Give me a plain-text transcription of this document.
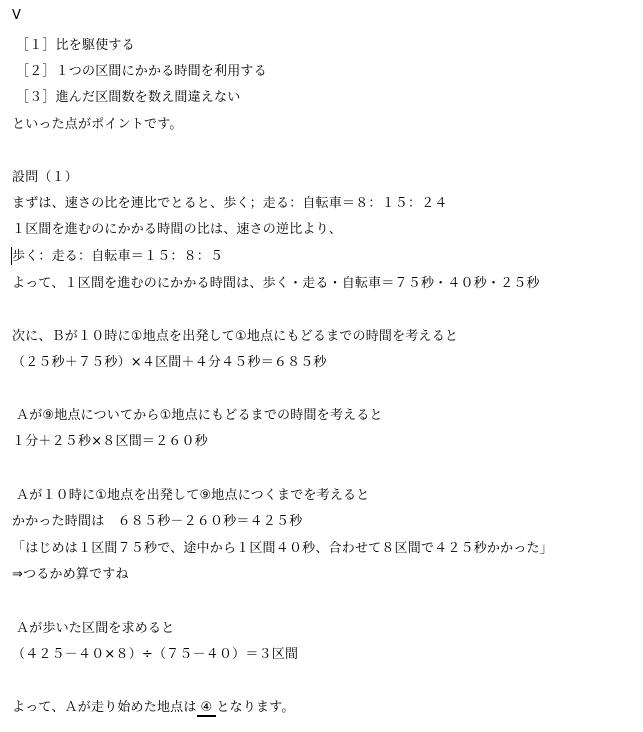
V
［１］比を駆使する
［２］１つの区間にかかる時間を利用する
［３］進んだ区間数を数え間違えない
といった点がポイントです。
設問（１）
まずは、速さの比を連比でとると、歩く；走る：自転車＝８：１５：２４
１区間を進むのにかかる時間の比は、速さの逆比より、
歩く：走る：自転車＝１５：８：５
よって、１区間を進むのにかかる時間は、歩く・走る・自転車＝７５秒・４０秒・２５秒
次に、Ｂが１０時に①地点を出発して①地点にもどるまでの時間を考えると
（２５秒＋７５秒）×４区間＋４分４５秒＝６８５秒
Ａが⑨地点についてから①地点にもどるまでの時間を考えると
１分＋２５秒×８区間＝２６０秒
Ａが１０時に①地点を出発して⑨地点につくまでを考えると
かかった時間は　６８５秒－２６０秒＝４２５秒
「はじめは１区間７５秒で、途中から１区間４０秒、合わせて８区間で４２５秒かかった」
⇒つるかめ算ですね
Ａが歩いた区間を求めると
（４２５－４０×８）÷（７５－４０）＝３区間
よって、Ａが走り始めた地点は ④ となります。
